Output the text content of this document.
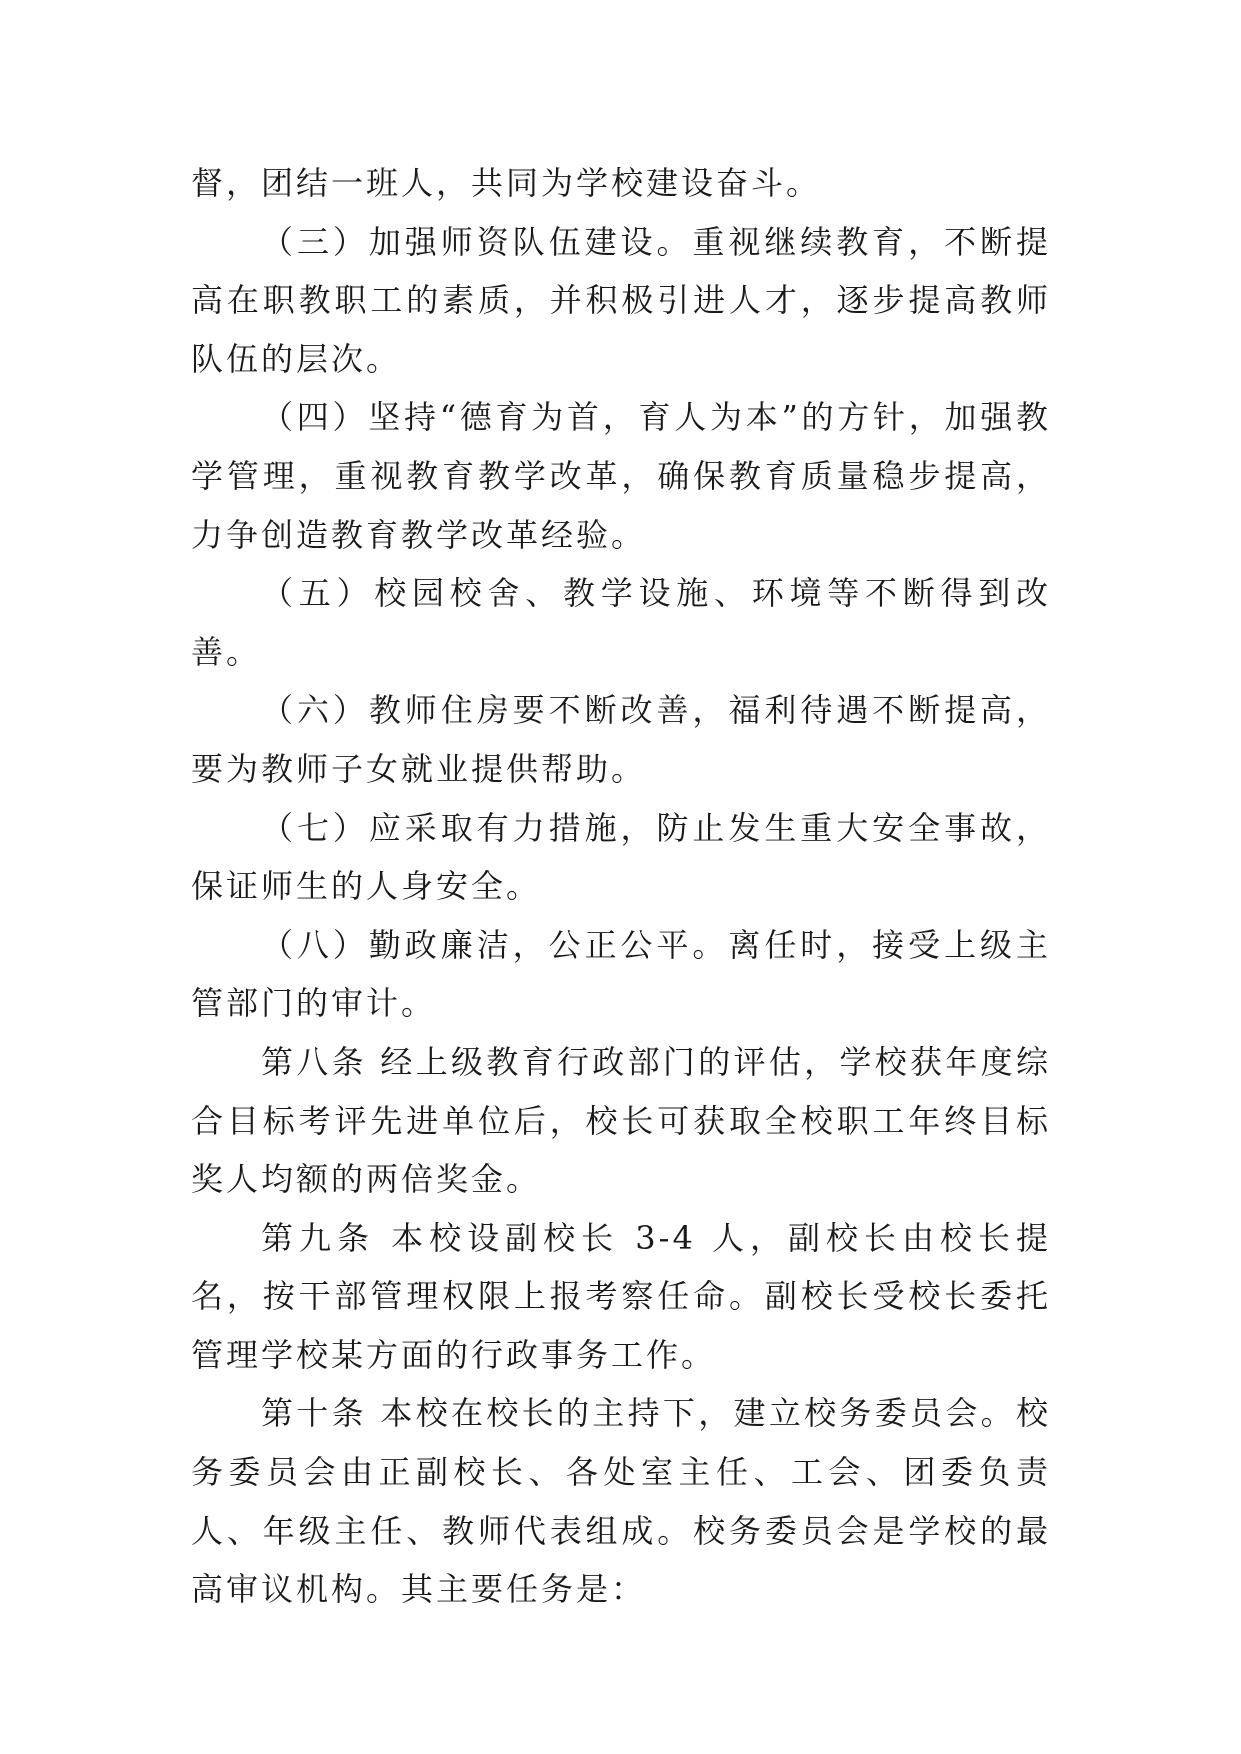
督，团结一班人，共同为学校建设奋斗。

（三）加强师资队伍建设。重视继续教育，不断提高在职教职工的素质，并积极引进人才，逐步提高教师队伍的层次。

（四）坚持“德育为首，育人为本”的方针，加强教学管理，重视教育教学改革，确保教育质量稳步提高，力争创造教育教学改革经验。

（五）校园校舍、教学设施、环境等不断得到改善。

（六）教师住房要不断改善，福利待遇不断提高，要为教师子女就业提供帮助。

（七）应采取有力措施，防止发生重大安全事故，保证师生的人身安全。

（八）勤政廉洁，公正公平。离任时，接受上级主管部门的审计。

第八条 经上级教育行政部门的评估，学校获年度综合目标考评先进单位后，校长可获取全校职工年终目标奖人均额的两倍奖金。

第九条 本校设副校长 3-4 人，副校长由校长提名，按干部管理权限上报考察任命。副校长受校长委托管理学校某方面的行政事务工作。

第十条 本校在校长的主持下，建立校务委员会。校务委员会由正副校长、各处室主任、工会、团委负责人、年级主任、教师代表组成。校务委员会是学校的最高审议机构。其主要任务是：
